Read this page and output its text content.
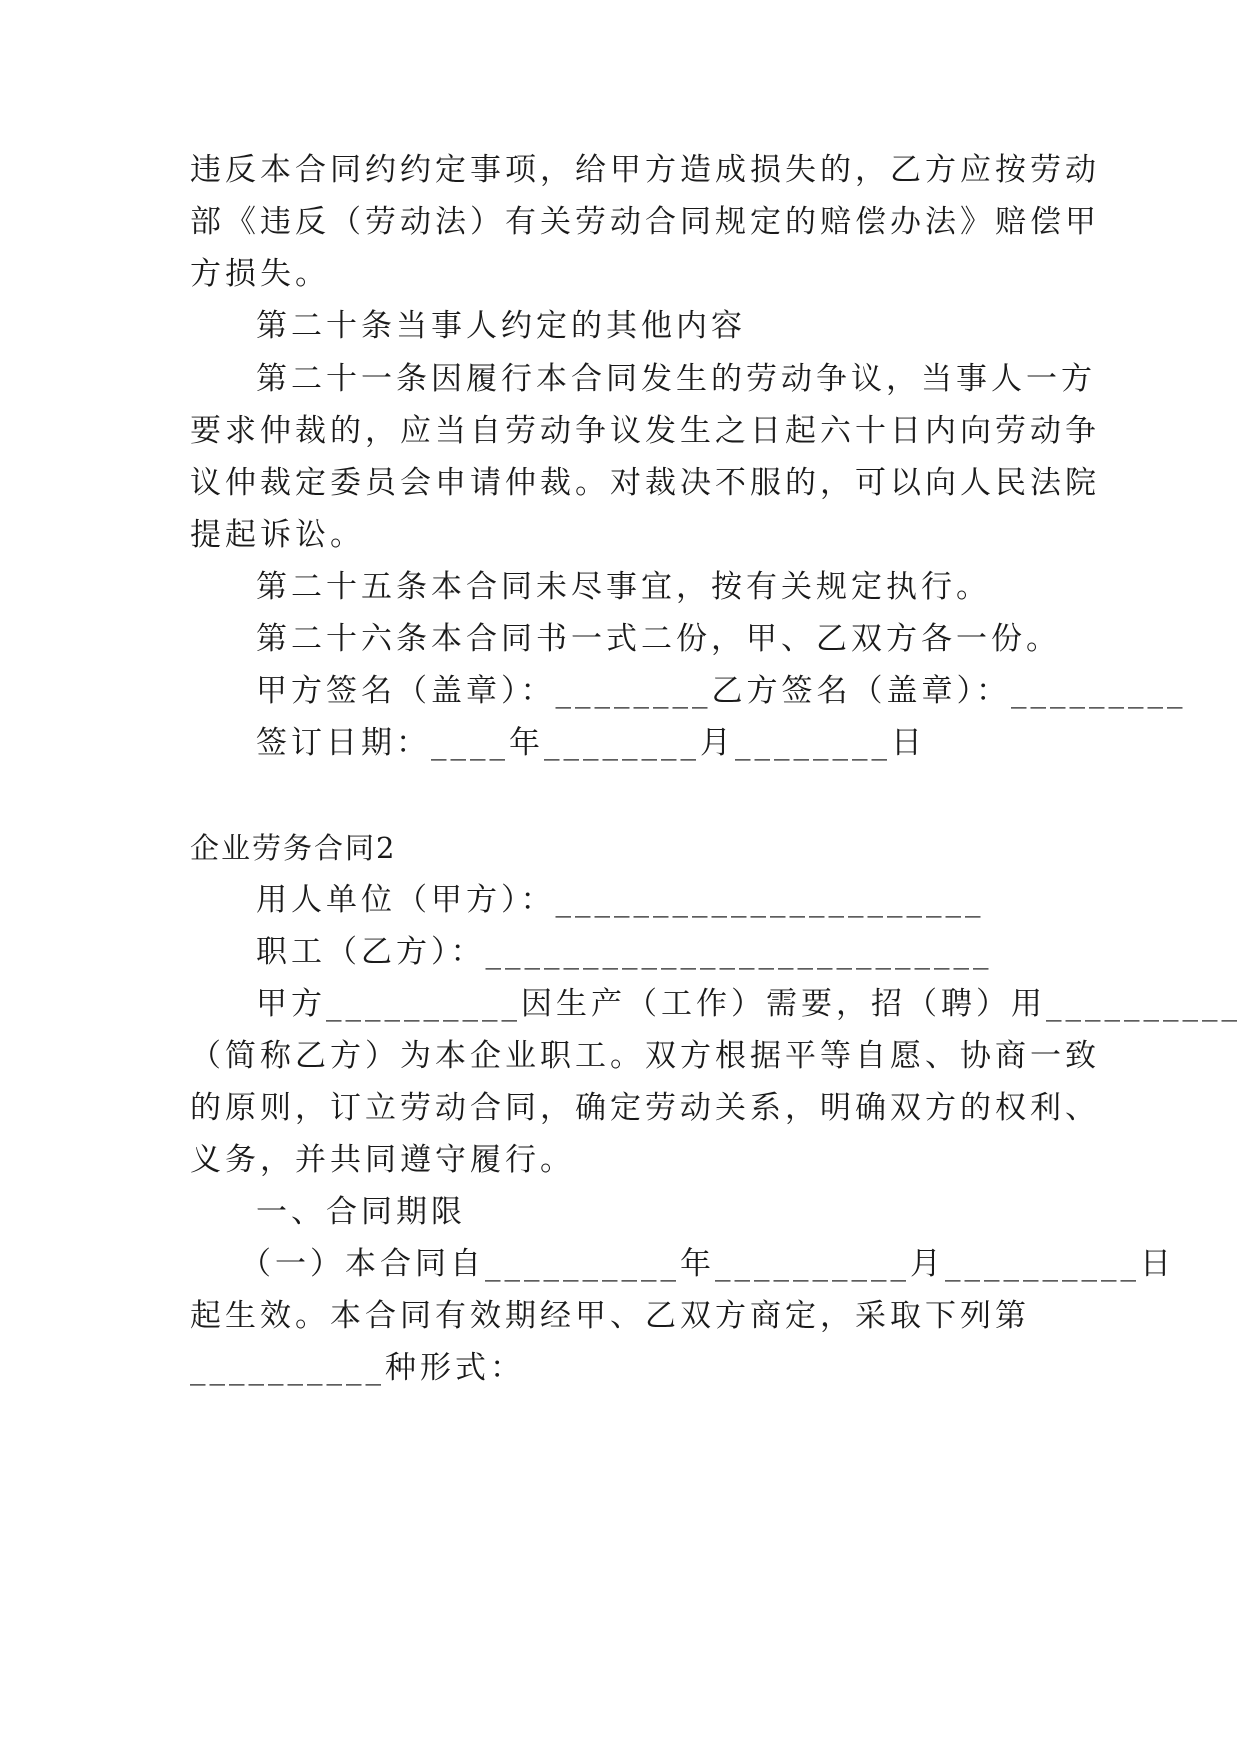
违反本合同约约定事项，给甲方造成损失的，乙方应按劳动
部《违反（劳动法）有关劳动合同规定的赔偿办法》赔偿甲
方损失。
第二十条当事人约定的其他内容
第二十一条因履行本合同发生的劳动争议，当事人一方
要求仲裁的，应当自劳动争议发生之日起六十日内向劳动争
议仲裁定委员会申请仲裁。对裁决不服的，可以向人民法院
提起诉讼。
第二十五条本合同未尽事宜，按有关规定执行。
第二十六条本合同书一式二份，甲、乙双方各一份。
甲方签名（盖章）：________乙方签名（盖章）：_________
签订日期：____年________月________日
企业劳务合同2
用人单位（甲方）：______________________
职工（乙方）：__________________________
甲方__________因生产（工作）需要，招（聘）用__________
（简称乙方）为本企业职工。双方根据平等自愿、协商一致
的原则，订立劳动合同，确定劳动关系，明确双方的权利、
义务，并共同遵守履行。
一、合同期限
（一）本合同自__________年__________月__________日
起生效。本合同有效期经甲、乙双方商定，采取下列第
__________种形式：
